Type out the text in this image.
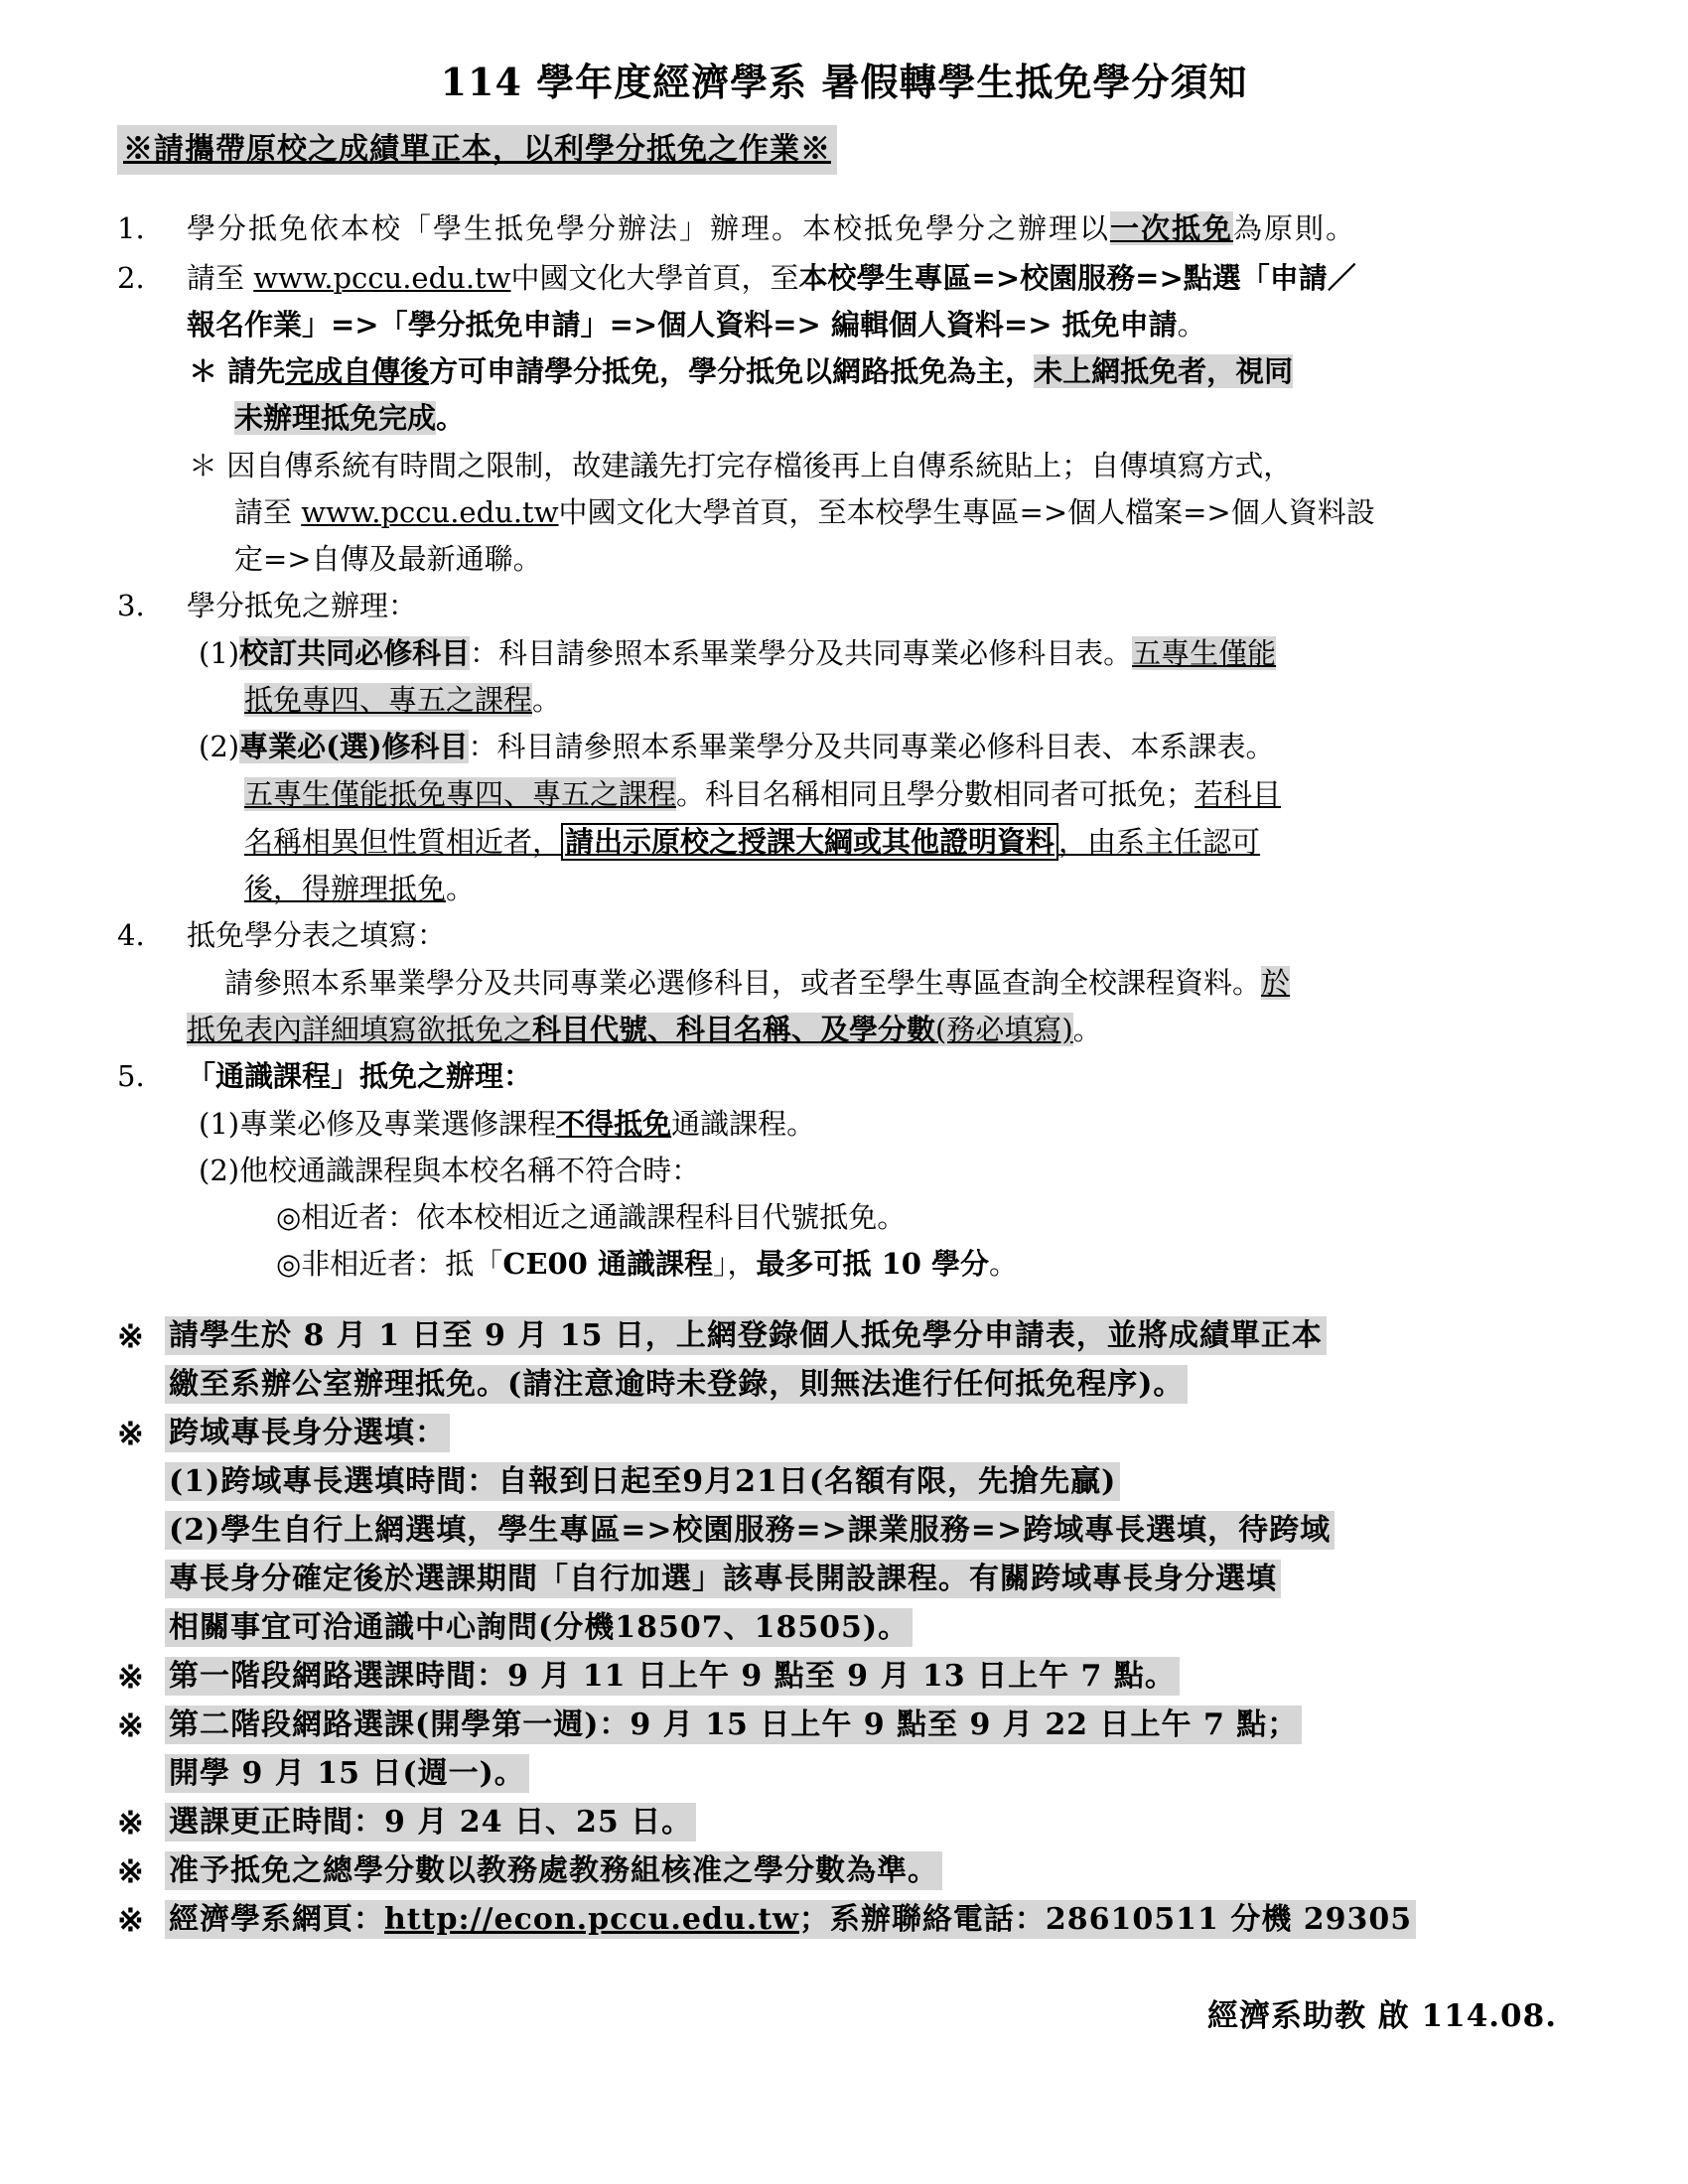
114 學年度經濟學系 暑假轉學生抵免學分須知
※請攜帶原校之成績單正本，以利學分抵免之作業※
1. 學分抵免依本校「學生抵免學分辦法」辦理。本校抵免學分之辦理以一次抵免為原則。
2. 請至 www.pccu.edu.tw中國文化大學首頁，至本校學生專區=>校園服務=>點選「申請／
報名作業」=>「學分抵免申請」=>個人資料=> 編輯個人資料=> 抵免申請。
＊ 請先完成自傳後方可申請學分抵免，學分抵免以網路抵免為主，未上網抵免者，視同
未辦理抵免完成。
＊ 因自傳系統有時間之限制，故建議先打完存檔後再上自傳系統貼上；自傳填寫方式，
請至 www.pccu.edu.tw中國文化大學首頁，至本校學生專區=>個人檔案=>個人資料設
定=>自傳及最新通聯。
3. 學分抵免之辦理：
(1)校訂共同必修科目：科目請參照本系畢業學分及共同專業必修科目表。五專生僅能
抵免專四、專五之課程。
(2)專業必(選)修科目：科目請參照本系畢業學分及共同專業必修科目表、本系課表。
五專生僅能抵免專四、專五之課程。科目名稱相同且學分數相同者可抵免；若科目
名稱相異但性質相近者， 請出示原校之授課大綱或其他證明資料 ，由系主任認可
後，得辦理抵免。
4. 抵免學分表之填寫：
請參照本系畢業學分及共同專業必選修科目，或者至學生專區查詢全校課程資料。於
抵免表內詳細填寫欲抵免之科目代號、科目名稱、及學分數(務必填寫)。
5. 「通識課程」抵免之辦理：
(1)專業必修及專業選修課程不得抵免通識課程。
(2)他校通識課程與本校名稱不符合時：
◎相近者：依本校相近之通識課程科目代號抵免。
◎非相近者：抵「CE00 通識課程」，最多可抵 10 學分。
※ 請學生於 8 月 1 日至 9 月 15 日，上網登錄個人抵免學分申請表，並將成績單正本
繳至系辦公室辦理抵免。(請注意逾時未登錄，則無法進行任何抵免程序)。
※ 跨域專長身分選填：
(1)跨域專長選填時間：自報到日起至9月21日(名額有限，先搶先贏)
(2)學生自行上網選填，學生專區=>校園服務=>課業服務=>跨域專長選填，待跨域
專長身分確定後於選課期間「自行加選」該專長開設課程。有關跨域專長身分選填
相關事宜可洽通識中心詢問(分機18507、18505)。
※ 第一階段網路選課時間：9 月 11 日上午 9 點至 9 月 13 日上午 7 點。
※ 第二階段網路選課(開學第一週)：9 月 15 日上午 9 點至 9 月 22 日上午 7 點；
開學 9 月 15 日(週一)。
※ 選課更正時間：9 月 24 日、25 日。
※ 准予抵免之總學分數以教務處教務組核准之學分數為準。
※ 經濟學系網頁：http://econ.pccu.edu.tw；系辦聯絡電話：28610511 分機 29305
經濟系助教 啟 114.08.
